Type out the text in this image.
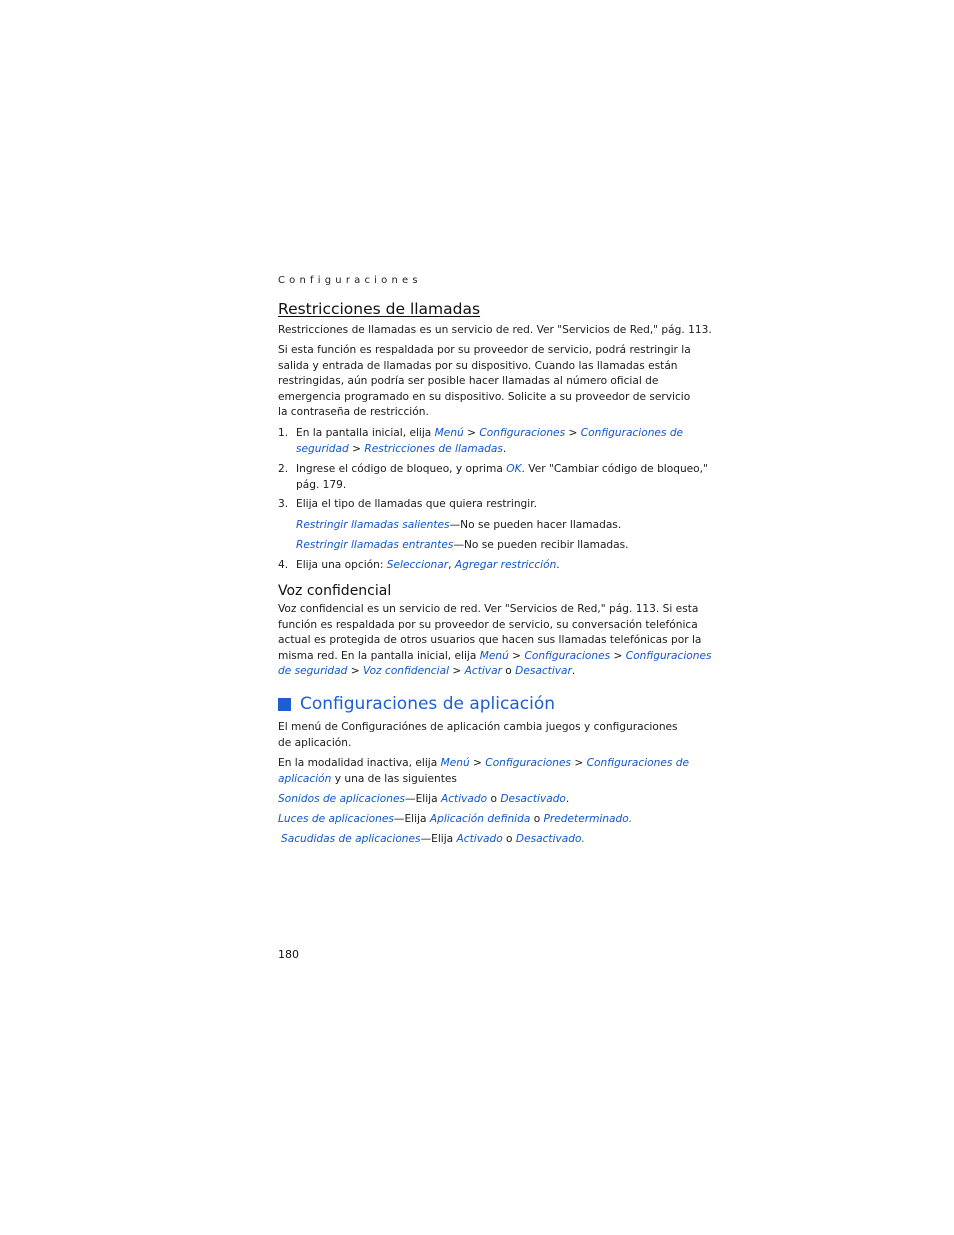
Configuraciones
Restricciones de llamadas
Restricciones de llamadas es un servicio de red. Ver "Servicios de Red," pág. 113.
Si esta función es respaldada por su proveedor de servicio, podrá restringir la
salida y entrada de llamadas por su dispositivo. Cuando las llamadas están
restringidas, aún podría ser posible hacer llamadas al número oficial de
emergencia programado en su dispositivo. Solicite a su proveedor de servicio
la contraseña de restricción.
1. En la pantalla inicial, elija Menú > Configuraciones > Configuraciones de
seguridad > Restricciones de llamadas.
2. Ingrese el código de bloqueo, y oprima OK. Ver "Cambiar código de bloqueo,"
pág. 179.
3. Elija el tipo de llamadas que quiera restringir.
Restringir llamadas salientes—No se pueden hacer llamadas.
Restringir llamadas entrantes—No se pueden recibir llamadas.
4. Elija una opción: Seleccionar, Agregar restricción.
Voz confidencial
Voz confidencial es un servicio de red. Ver "Servicios de Red," pág. 113. Si esta
función es respaldada por su proveedor de servicio, su conversación telefónica
actual es protegida de otros usuarios que hacen sus llamadas telefónicas por la
misma red. En la pantalla inicial, elija Menú > Configuraciones > Configuraciones
de seguridad > Voz confidencial > Activar o Desactivar.
Configuraciones de aplicación
El menú de Configuraciónes de aplicación cambia juegos y configuraciones
de aplicación.
En la modalidad inactiva, elija Menú > Configuraciones > Configuraciones de
aplicación y una de las siguientes
Sonidos de aplicaciones—Elija Activado o Desactivado.
Luces de aplicaciones—Elija Aplicación definida o Predeterminado.
Sacudidas de aplicaciones—Elija Activado o Desactivado.
180
